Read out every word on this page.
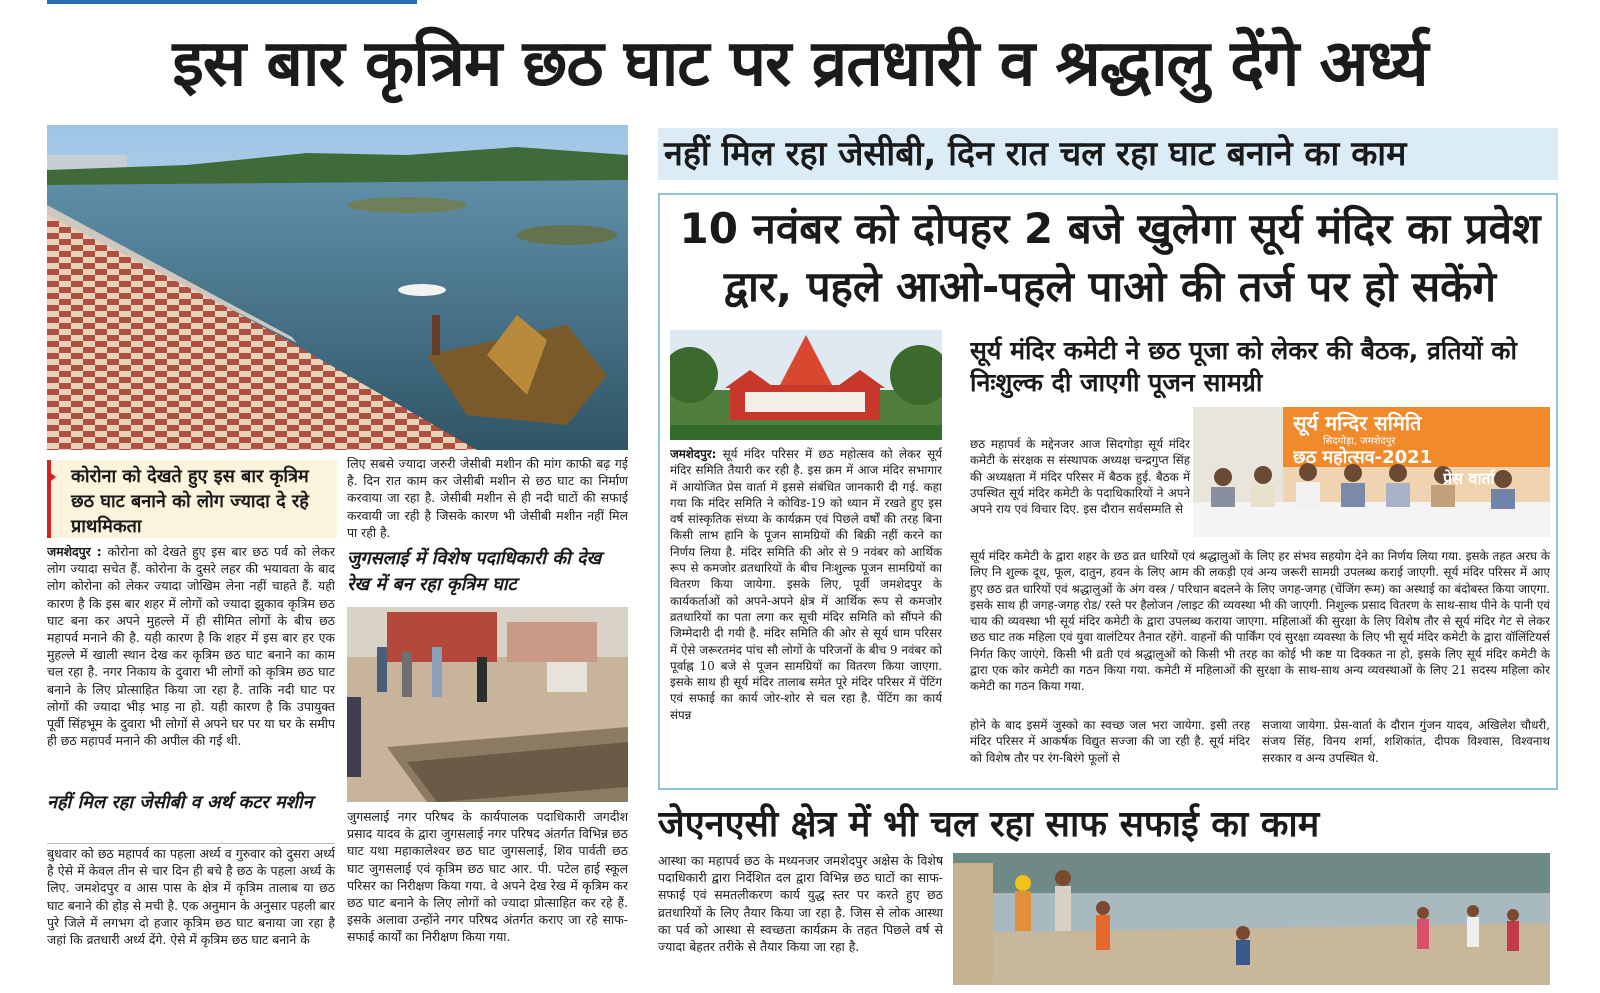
इस बार कृत्रिम छठ घाट पर व्रतधारी व श्रद्धालु देंगे अर्ध्य
कोरोना को देखते हुए इस बार कृत्रिम छठ घाट बनाने को लोग ज्यादा दे रहे प्राथमिकता
जमशेदपुर : कोरोना को देखते हुए इस बार छठ पर्व को लेकर लोग ज्यादा सचेत हैं. कोरोना के दुसरे लहर की भयावता के बाद लोग कोरोना को लेकर ज्यादा जोखिम लेना नहीं चाहते हैं. यही कारण है कि इस बार शहर में लोगों को ज्यादा झुकाव कृत्रिम छठ घाट बना कर अपने मुहल्ले में ही सीमित लोगों के बीच छठ महापर्व मनाने की है. यही कारण है कि शहर में इस बार हर एक मुहल्ले में खाली स्थान देख कर कृत्रिम छठ घाट बनाने का काम चल रहा है. नगर निकाय के दुवारा भी लोगों को कृत्रिम छठ घाट बनाने के लिए प्रोत्साहित किया जा रहा है. ताकि नदी घाट पर लोगों की ज्यादा भीड़ भाड़ ना हो. यही कारण है कि उपायुक्त पूर्वी सिंहभूम के दुवारा भी लोगों से अपने घर पर या घर के समीप ही छठ महापर्व मनाने की अपील की गई थी.
नहीं मिल रहा जेसीबी व अर्थ कटर मशीन
बुधवार को छठ महापर्व का पहला अर्ध्य व गुरुवार को दुसरा अर्ध्य है ऐसे में केवल तीन से चार दिन ही बचे है छठ के पहला अर्ध्य के लिए. जमशेदपुर व आस पास के क्षेत्र में कृत्रिम तालाब या छठ घाट बनाने की होड़ से मची है. एक अनुमान के अनुसार पहली बार पुरे जिले में लगभग दो हजार कृत्रिम छठ घाट बनाया जा रहा है जहां कि व्रतधारी अर्ध्य देंगे. ऐसे में कृत्रिम छठ घाट बनाने के
लिए सबसे ज्यादा जरुरी जेसीबी मशीन की मांग काफी बढ़ गई है. दिन रात काम कर जेसीबी मशीन से छठ घाट का निर्माण करवाया जा रहा है. जेसीबी मशीन से ही नदी घाटों की सफाई करवायी जा रही है जिसके कारण भी जेसीबी मशीन नहीं मिल पा रही है.
जुगसलाई में विशेष पदाधिकारी की देख रेख में बन रहा कृत्रिम घाट
जुगसलाई नगर परिषद के कार्यपालक पदाधिकारी जगदीश प्रसाद यादव के द्वारा जुगसलाई नगर परिषद अंतर्गत विभिन्न छठ घाट यथा महाकालेश्वर छठ घाट जुगसलाई, शिव पार्वती छठ घाट जुगसलाई एवं कृत्रिम छठ घाट आर. पी. पटेल हाई स्कूल परिसर का निरीक्षण किया गया. वे अपने देख रेख में कृत्रिम कर छठ घाट बनाने के लिए लोगों को ज्यादा प्रोत्साहित कर रहे हैं. इसके अलावा उन्होंने नगर परिषद अंतर्गत कराए जा रहे साफ-सफाई कार्यों का निरीक्षण किया गया.
नहीं मिल रहा जेसीबी, दिन रात चल रहा घाट बनाने का काम
10 नवंबर को दोपहर 2 बजे खुलेगा सूर्य मंदिर का प्रवेश द्वार, पहले आओ-पहले पाओ की तर्ज पर हो सकेंगे
सूर्य मंदिर कमेटी ने छठ पूजा को लेकर की बैठक, व्रतियों को निःशुल्क दी जाएगी पूजन सामग्री
सूर्य मन्दिर समिति
सिदगोड़ा, जमशेदपुर
छठ महोत्सव-2021
प्रेस वार्ता
जमशेदपुर: सूर्य मंदिर परिसर में छठ महोत्सव को लेकर सूर्य मंदिर समिति तैयारी कर रही है. इस क्रम में आज मंदिर सभागार में आयोजित प्रेस वार्ता में इससे संबंधित जानकारी दी गई. कहा गया कि मंदिर समिति ने कोविड-19 को ध्यान में रखते हुए इस वर्ष सांस्कृतिक संध्या के कार्यक्रम एवं पिछले वर्षों की तरह बिना किसी लाभ हानि के पूजन सामग्रियों की बिक्री नहीं करने का निर्णय लिया है. मंदिर समिति की ओर से 9 नवंबर को आर्थिक रूप से कमजोर व्रतधारियों के बीच निःशुल्क पूजन सामग्रियों का वितरण किया जायेगा. इसके लिए, पूर्वी जमशेदपुर के कार्यकर्ताओं को अपने-अपने क्षेत्र में आर्थिक रूप से कमजोर व्रतधारियों का पता लगा कर सूची मंदिर समिति को सौंपने की जिम्मेदारी दी गयी है. मंदिर समिति की ओर से सूर्य धाम परिसर में ऐसे जरूरतमंद पांच सौ लोगों के परिजनों के बीच 9 नवंबर को पूर्वाह्न 10 बजे से पूजन सामग्रियों का वितरण किया जाएगा. इसके साथ ही सूर्य मंदिर तालाब समेत पूरे मंदिर परिसर में पेंटिंग एवं सफाई का कार्य जोर-शोर से चल रहा है. पेंटिंग का कार्य संपन्न
छठ महापर्व के मद्देनजर आज सिदगोड़ा सूर्य मंदिर कमेटी के संरक्षक स संस्थापक अध्यक्ष चन्द्रगुप्त सिंह की अध्यक्षता में मंदिर परिसर में बैठक हुई. बैठक में उपस्थित सूर्य मंदिर कमेटी के पदाधिकारियों ने अपने अपने राय एवं विचार दिए. इस दौरान सर्वसम्मति से
सूर्य मंदिर कमेटी के द्वारा शहर के छठ व्रत धारियों एवं श्रद्धालुओं के लिए हर संभव सहयोग देने का निर्णय लिया गया. इसके तहत अरघ के लिए नि शुल्क दूध, फूल, दातुन, हवन के लिए आम की लकड़ी एवं अन्य जरूरी सामग्री उपलब्ध कराई जाएगी. सूर्य मंदिर परिसर में आए हुए छठ व्रत धारियों एवं श्रद्धालुओं के अंग वस्त्र / परिधान बदलने के लिए जगह-जगह (चेंजिंग रूम) का अस्थाई का बंदोबस्त किया जाएगा. इसके साथ ही जगह-जगह रोड/ रस्ते पर हैलोजन /लाइट की व्यवस्था भी की जाएगी. निशुल्क प्रसाद वितरण के साथ-साथ पीने के पानी एवं चाय की व्यवस्था भी सूर्य मंदिर कमेटी के द्वारा उपलब्ध कराया जाएगा. महिलाओं की सुरक्षा के लिए विशेष तौर से सूर्य मंदिर गेट से लेकर छठ घाट तक महिला एवं युवा वालंटियर तैनात रहेंगे. वाहनों की पार्किंग एवं सुरक्षा व्यवस्था के लिए भी सूर्य मंदिर कमेटी के द्वारा वॉलिंटियर्स निर्गत किए जाएंगे. किसी भी व्रती एवं श्रद्धालुओं को किसी भी तरह का कोई भी कष्ट या दिक्कत ना हो, इसके लिए सूर्य मंदिर कमेटी के द्वारा एक कोर कमेटी का गठन किया गया. कमेटी में महिलाओं की सुरक्षा के साथ-साथ अन्य व्यवस्थाओं के लिए 21 सदस्य महिला कोर कमेटी का गठन किया गया.
होने के बाद इसमें जुस्को का स्वच्छ जल भरा जायेगा. इसी तरह मंदिर परिसर में आकर्षक विद्युत सज्जा की जा रही है. सूर्य मंदिर को विशेष तौर पर रंग-बिरंगे फूलों से
सजाया जायेगा. प्रेस-वार्ता के दौरान गुंजन यादव, अखिलेश चौधरी, संजय सिंह, विनय शर्मा, शशिकांत, दीपक विश्वास, विश्वनाथ सरकार व अन्य उपस्थित थे.
जेएनएसी क्षेत्र में भी चल रहा साफ सफाई का काम
आस्था का महापर्व छठ के मध्यनजर जमशेदपुर अक्षेस के विशेष पदाधिकारी द्वारा निर्देशित दल द्वारा विभिन्न छठ घाटों का साफ-सफाई एवं समतलीकरण कार्य युद्ध स्तर पर करते हुए छठ व्रतधारियों के लिए तैयार किया जा रहा है. जिस से लोक आस्था का पर्व को आस्था से स्वच्छता कार्यक्रम के तहत पिछले वर्ष से ज्यादा बेहतर तरीके से तैयार किया जा रहा है.
